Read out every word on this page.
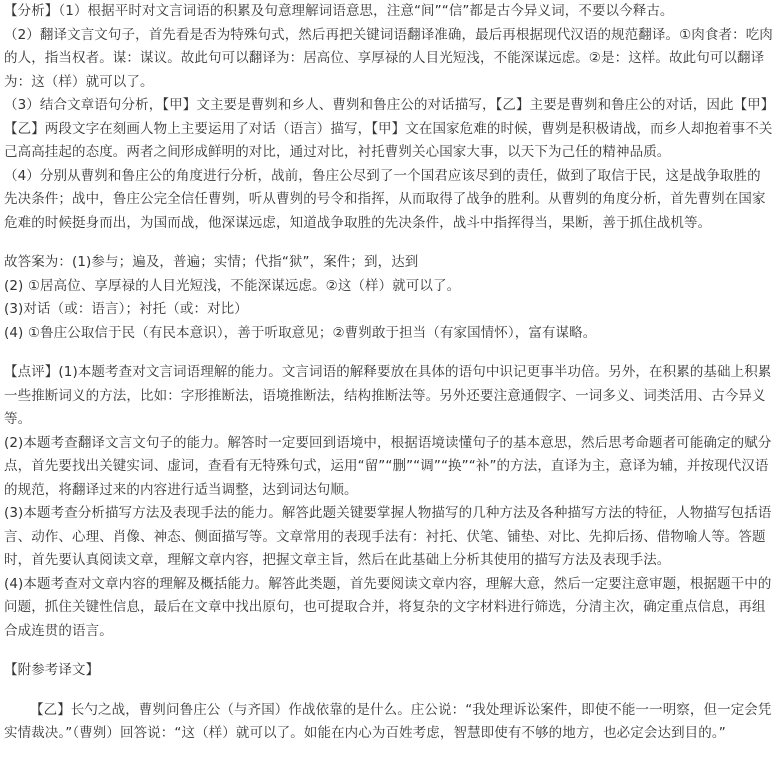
【分析】（1）根据平时对文言词语的积累及句意理解词语意思，注意“间”“信”都是古今异义词，不要以今释古。

（2）翻译文言文句子，首先看是否为特殊句式，然后再把关键词语翻译准确，最后再根据现代汉语的规范翻译。①肉食者：吃肉的人，指当权者。谋：谋议。故此句可以翻译为：居高位、享厚禄的人目光短浅，不能深谋远虑。②是：这样。故此句可以翻译为：这（样）就可以了。

（3）结合文章语句分析，【甲】文主要是曹刿和乡人、曹刿和鲁庄公的对话描写，【乙】主要是曹刿和鲁庄公的对话，因此【甲】【乙】两段文字在刻画人物上主要运用了对话（语言）描写，【甲】文在国家危难的时候，曹刿是积极请战，而乡人却抱着事不关己高高挂起的态度。两者之间形成鲜明的对比，通过对比，衬托曹刿关心国家大事，以天下为己任的精神品质。

（4）分别从曹刿和鲁庄公的角度进行分析，战前，鲁庄公尽到了一个国君应该尽到的责任，做到了取信于民，这是战争取胜的先决条件；战中，鲁庄公完全信任曹刿，听从曹刿的号令和指挥，从而取得了战争的胜利。从曹刿的角度分析，首先曹刿在国家危难的时候挺身而出，为国而战，他深谋远虑，知道战争取胜的先决条件，战斗中指挥得当，果断，善于抓住战机等。

故答案为：(1)参与；遍及，普遍；实情；代指“狱”，案件；到，达到

(2) ①居高位、享厚禄的人目光短浅，不能深谋远虑。②这（样）就可以了。

(3)对话（或：语言）；衬托（或：对比）

(4) ①鲁庄公取信于民（有民本意识），善于听取意见；②曹刿敢于担当（有家国情怀），富有谋略。

【点评】(1)本题考查对文言词语理解的能力。文言词语的解释要放在具体的语句中识记更事半功倍。另外，在积累的基础上积累一些推断词义的方法，比如：字形推断法，语境推断法，结构推断法等。另外还要注意通假字、一词多义、词类活用、古今异义等。

(2)本题考查翻译文言文句子的能力。解答时一定要回到语境中，根据语境读懂句子的基本意思，然后思考命题者可能确定的赋分点，首先要找出关键实词、虚词，查看有无特殊句式，运用“留”“删”“调”“换”“补”的方法，直译为主，意译为辅，并按现代汉语的规范，将翻译过来的内容进行适当调整，达到词达句顺。

(3)本题考查分析描写方法及表现手法的能力。解答此题关键要掌握人物描写的几种方法及各种描写方法的特征，人物描写包括语言、动作、心理、肖像、神态、侧面描写等。文章常用的表现手法有：衬托、伏笔、铺垫、对比、先抑后扬、借物喻人等。答题时，首先要认真阅读文章，理解文章内容，把握文章主旨，然后在此基础上分析其使用的描写方法及表现手法。

(4)本题考查对文章内容的理解及概括能力。解答此类题，首先要阅读文章内容，理解大意，然后一定要注意审题，根据题干中的问题，抓住关键性信息，最后在文章中找出原句，也可提取合并，将复杂的文字材料进行筛选，分清主次，确定重点信息，再组合成连贯的语言。

【附参考译文】

【乙】长勺之战，曹刿问鲁庄公（与齐国）作战依靠的是什么。庄公说：“我处理诉讼案件，即使不能一一明察，但一定会凭实情裁决。”（曹刿）回答说：“这（样）就可以了。如能在内心为百姓考虑，智慧即使有不够的地方，也必定会达到目的。”
